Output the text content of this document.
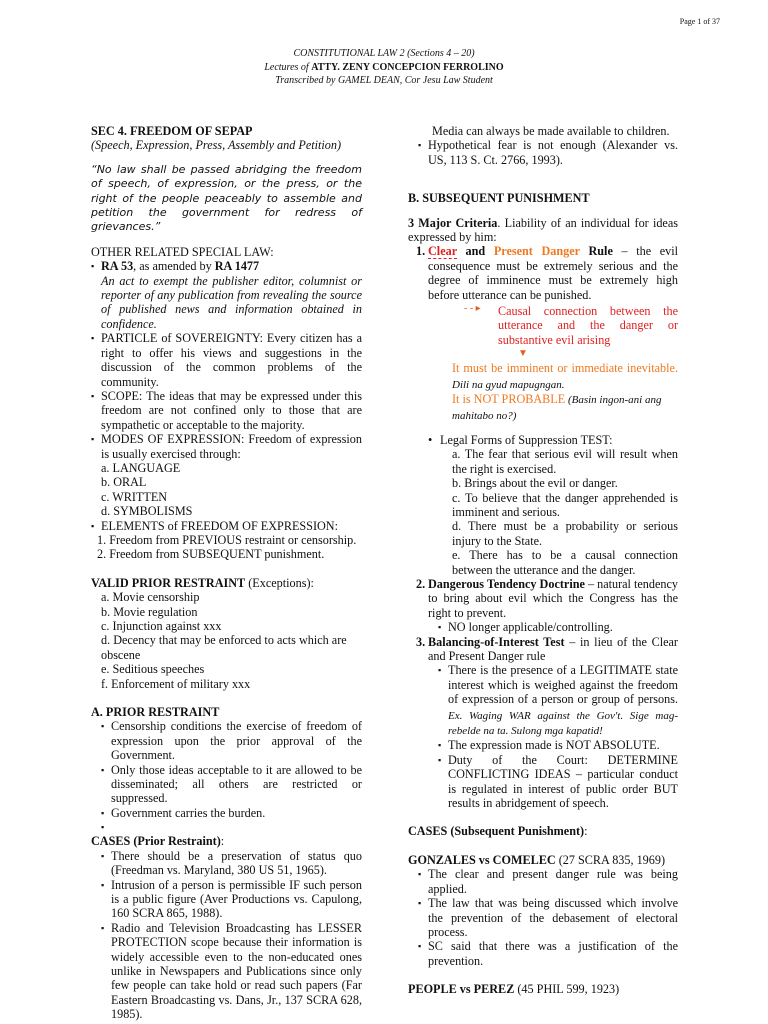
Page 1 of 37
CONSTITUTIONAL LAW 2 (Sections 4 – 20)
Lectures of ATTY. ZENY CONCEPCION FERROLINO
Transcribed by GAMEL DEAN, Cor Jesu Law Student

SEC 4. FREEDOM OF SEPAP

(Speech, Expression, Press, Assembly and Petition)

“No law shall be passed abridging the freedom of speech, of expression, or the press, or the right of the people peaceably to assemble and petition the government for redress of grievances.”

OTHER RELATED SPECIAL LAW:

▪ RA 53, as amended by RA 1477

An act to exempt the publisher editor, columnist or reporter of any publication from revealing the source of published news and information obtained in confidence.

▪ PARTICLE of SOVEREIGNTY: Every citizen has a right to offer his views and suggestions in the discussion of the common problems of the community.

▪ SCOPE: The ideas that may be expressed under this freedom are not confined only to those that are sympathetic or acceptable to the majority.

▪ MODES OF EXPRESSION: Freedom of expression is usually exercised through:

a. LANGUAGE

b. ORAL

c. WRITTEN

d. SYMBOLISMS

▪ ELEMENTS of FREEDOM OF EXPRESSION:

1. Freedom from PREVIOUS restraint or censorship.

2. Freedom from SUBSEQUENT punishment.

VALID PRIOR RESTRAINT (Exceptions):

a. Movie censorship

b. Movie regulation

c. Injunction against xxx

d. Decency that may be enforced to acts which are obscene

e. Seditious speeches

f. Enforcement of military xxx

A. PRIOR RESTRAINT

▪ Censorship conditions the exercise of freedom of expression upon the prior approval of the Government.

▪ Only those ideas acceptable to it are allowed to be disseminated; all others are restricted or suppressed.

▪ Government carries the burden.

▪

CASES (Prior Restraint):

▪ There should be a preservation of status quo (Freedman vs. Maryland, 380 US 51, 1965).

▪ Intrusion of a person is permissible IF such person is a public figure (Aver Productions vs. Capulong, 160 SCRA 865, 1988).

▪ Radio and Television Broadcasting has LESSER PROTECTION scope because their information is widely accessible even to the non-educated ones unlike in Newspapers and Publications since only few people can take hold or read such papers (Far Eastern Broadcasting vs. Dans, Jr., 137 SCRA 628, 1985).

Media can always be made available to children.

▪ Hypothetical fear is not enough (Alexander vs. US, 113 S. Ct. 2766, 1993).

B. SUBSEQUENT PUNISHMENT

3 Major Criteria. Liability of an individual for ideas expressed by him:

1. Clear and Present Danger Rule – the evil consequence must be extremely serious and the degree of imminence must be extremely high before utterance can be punished.

- - ▸	Causal connection between the utterance and the danger or substantive evil arising

▼

It must be imminent or immediate inevitable. Dili na gyud mapugngan.

It is NOT PROBABLE (Basin ingon-ani ang mahitabo no?)

• Legal Forms of Suppression TEST:

a. The fear that serious evil will result when the right is exercised.

b. Brings about the evil or danger.

c. To believe that the danger apprehended is imminent and serious.

d. There must be a probability or serious injury to the State.

e. There has to be a causal connection between the utterance and the danger.

2. Dangerous Tendency Doctrine – natural tendency to bring about evil which the Congress has the right to prevent.

▪ NO longer applicable/controlling.

3. Balancing-of-Interest Test – in lieu of the Clear and Present Danger rule

▪ There is the presence of a LEGITIMATE state interest which is weighed against the freedom of expression of a person or group of persons. Ex. Waging WAR against the Gov't. Sige mag-rebelde na ta. Sulong mga kapatid!

▪ The expression made is NOT ABSOLUTE.

▪ Duty of the Court: DETERMINE CONFLICTING IDEAS – particular conduct is regulated in interest of public order BUT results in abridgement of speech.

CASES (Subsequent Punishment):

GONZALES vs COMELEC (27 SCRA 835, 1969)

▪ The clear and present danger rule was being applied.

▪ The law that was being discussed which involve the prevention of the debasement of electoral process.

▪ SC said that there was a justification of the prevention.

PEOPLE vs PEREZ (45 PHIL 599, 1923)
